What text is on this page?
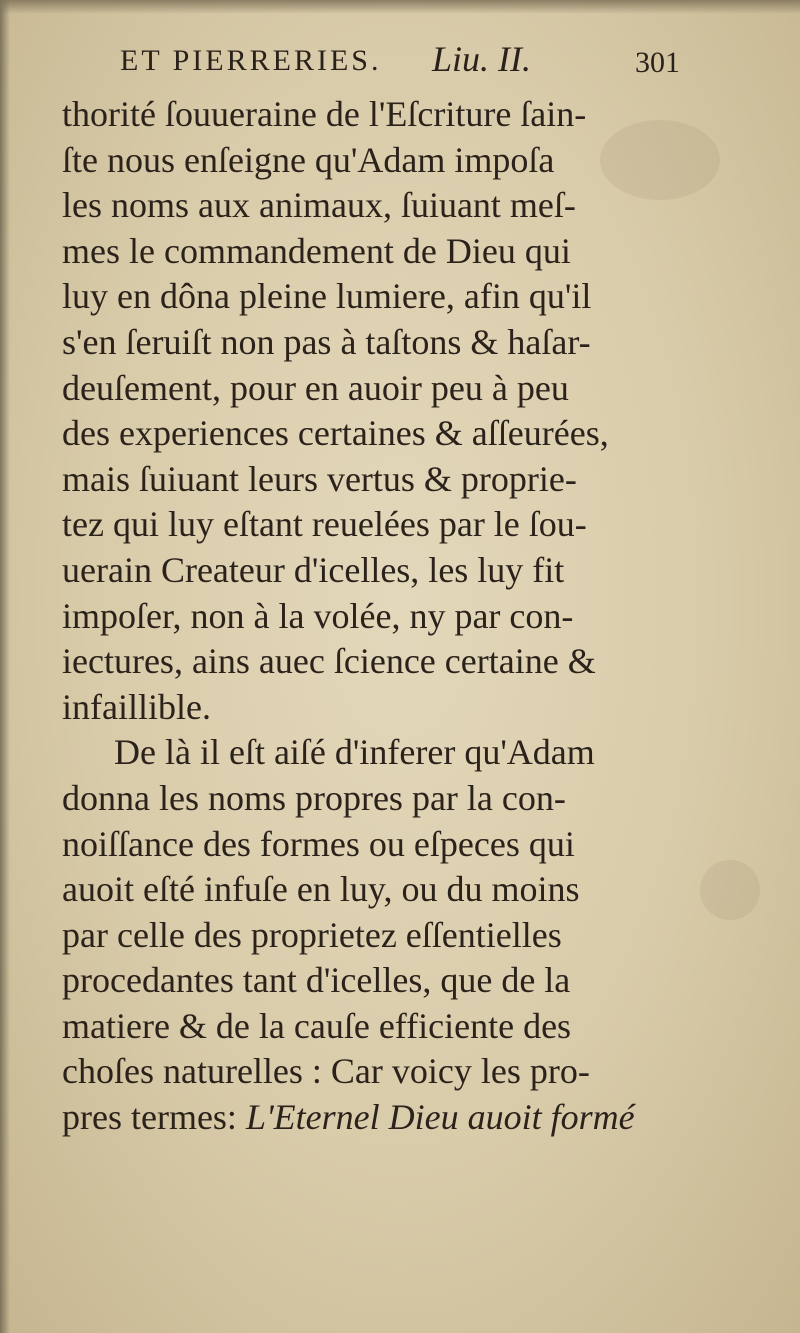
ET PIERRERIES. Liu. II.	301
thorité ſouueraine de l'Eſcriture ſain-
ſte nous enſeigne qu'Adam impoſa
les noms aux animaux, ſuiuant meſ-
mes le commandement de Dieu qui
luy en dôna pleine lumiere, afin qu'il
s'en ſeruiſt non pas à taſtons & haſar-
deuſement, pour en auoir peu à peu
des experiences certaines & aſſeurées,
mais ſuiuant leurs vertus & proprie-
tez qui luy eſtant reuelées par le ſou-
uerain Createur d'icelles, les luy fit
impoſer, non à la volée, ny par con-
iectures, ains auec ſcience certaine &
infaillible.
De là il eſt aiſé d'inferer qu'Adam
donna les noms propres par la con-
noiſſance des formes ou eſpeces qui
auoit eſté infuſe en luy, ou du moins
par celle des proprietez eſſentielles
procedantes tant d'icelles, que de la
matiere & de la cauſe efficiente des
choſes naturelles : Car voicy les pro-
pres termes: L'Eternel Dieu auoit formé
